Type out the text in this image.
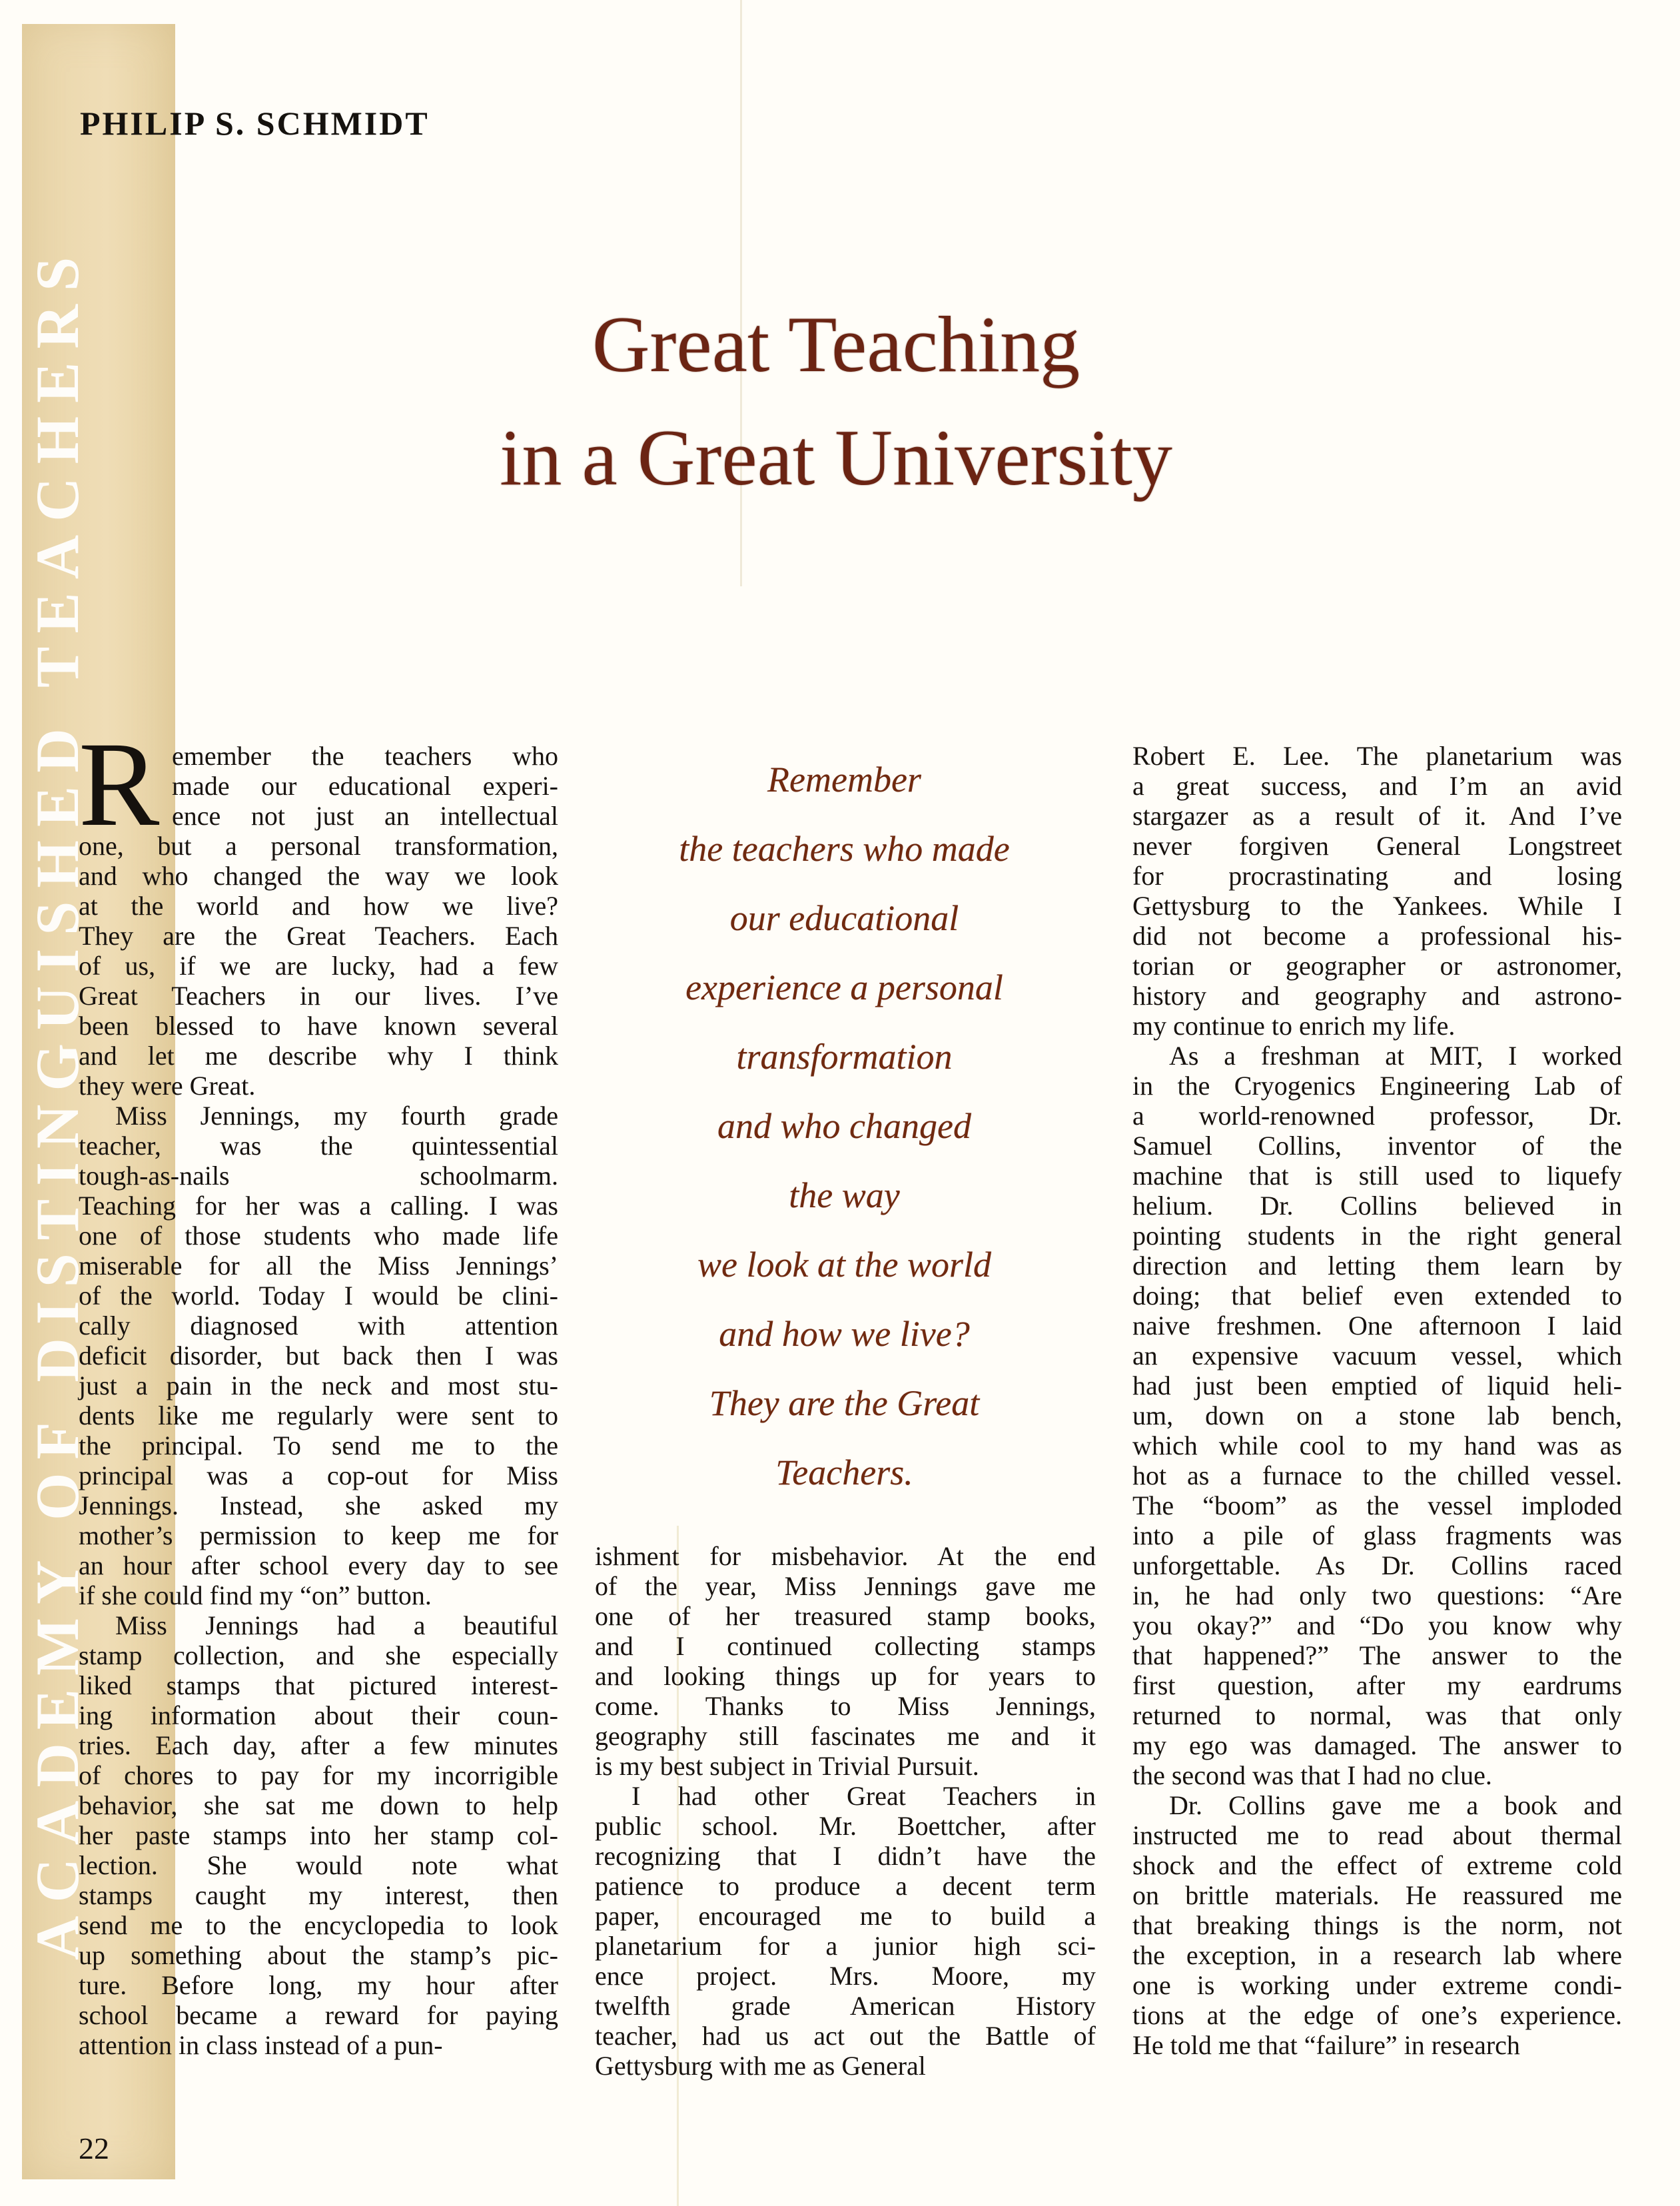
ACADEMY OF DISTINGUISHED TEACHERS
PHILIP S. SCHMIDT
Great Teaching
in a Great University
R emember the teachers who
made our educational experi-
ence not just an intellectual
one, but a personal transformation,
and who changed the way we look
at the world and how we live?
They are the Great Teachers. Each
of us, if we are lucky, had a few
Great Teachers in our lives. I’ve
been blessed to have known several
and let me describe why I think
they were Great.
Miss Jennings, my fourth grade
teacher, was the quintessential
tough-as-nails schoolmarm.
Teaching for her was a calling. I was
one of those students who made life
miserable for all the Miss Jennings’
of the world. Today I would be clini-
cally diagnosed with attention
deficit disorder, but back then I was
just a pain in the neck and most stu-
dents like me regularly were sent to
the principal. To send me to the
principal was a cop-out for Miss
Jennings. Instead, she asked my
mother’s permission to keep me for
an hour after school every day to see
if she could find my “on” button.
Miss Jennings had a beautiful
stamp collection, and she especially
liked stamps that pictured interest-
ing information about their coun-
tries. Each day, after a few minutes
of chores to pay for my incorrigible
behavior, she sat me down to help
her paste stamps into her stamp col-
lection. She would note what
stamps caught my interest, then
send me to the encyclopedia to look
up something about the stamp’s pic-
ture. Before long, my hour after
school became a reward for paying
attention in class instead of a pun-
Remember
the teachers who made
our educational
experience a personal
transformation
and who changed
the way
we look at the world
and how we live?
They are the Great
Teachers.
ishment for misbehavior. At the end
of the year, Miss Jennings gave me
one of her treasured stamp books,
and I continued collecting stamps
and looking things up for years to
come. Thanks to Miss Jennings,
geography still fascinates me and it
is my best subject in Trivial Pursuit.
I had other Great Teachers in
public school. Mr. Boettcher, after
recognizing that I didn’t have the
patience to produce a decent term
paper, encouraged me to build a
planetarium for a junior high sci-
ence project. Mrs. Moore, my
twelfth grade American History
teacher, had us act out the Battle of
Gettysburg with me as General
Robert E. Lee. The planetarium was
a great success, and I’m an avid
stargazer as a result of it. And I’ve
never forgiven General Longstreet
for procrastinating and losing
Gettysburg to the Yankees. While I
did not become a professional his-
torian or geographer or astronomer,
history and geography and astrono-
my continue to enrich my life.
As a freshman at MIT, I worked
in the Cryogenics Engineering Lab of
a world-renowned professor, Dr.
Samuel Collins, inventor of the
machine that is still used to liquefy
helium. Dr. Collins believed in
pointing students in the right general
direction and letting them learn by
doing; that belief even extended to
naive freshmen. One afternoon I laid
an expensive vacuum vessel, which
had just been emptied of liquid heli-
um, down on a stone lab bench,
which while cool to my hand was as
hot as a furnace to the chilled vessel.
The “boom” as the vessel imploded
into a pile of glass fragments was
unforgettable. As Dr. Collins raced
in, he had only two questions: “Are
you okay?” and “Do you know why
that happened?” The answer to the
first question, after my eardrums
returned to normal, was that only
my ego was damaged. The answer to
the second was that I had no clue.
Dr. Collins gave me a book and
instructed me to read about thermal
shock and the effect of extreme cold
on brittle materials. He reassured me
that breaking things is the norm, not
the exception, in a research lab where
one is working under extreme condi-
tions at the edge of one’s experience.
He told me that “failure” in research
22
